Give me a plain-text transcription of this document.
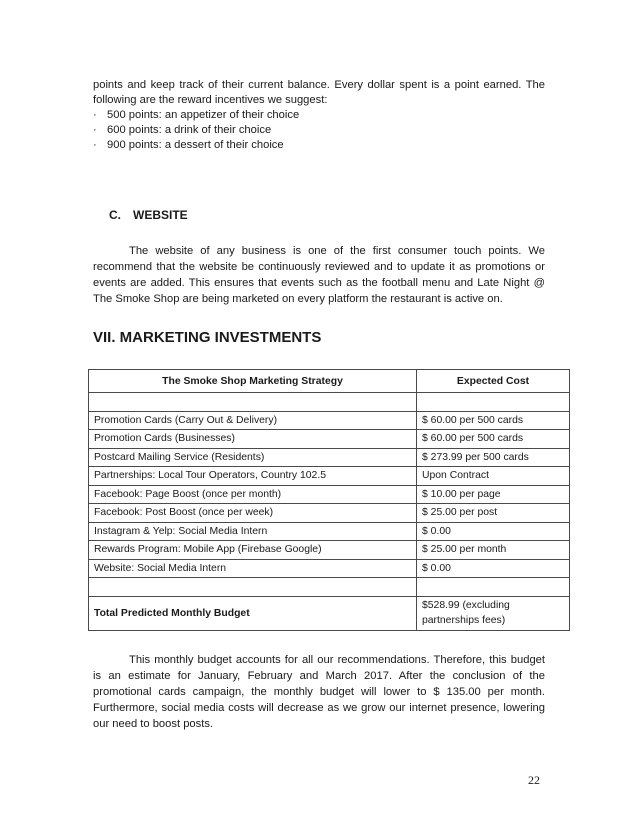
points and keep track of their current balance. Every dollar spent is a point earned. The following are the reward incentives we suggest:

· 500 points: an appetizer of their choice
· 600 points: a drink of their choice
· 900 points: a dessert of their choice
C. WEBSITE

The website of any business is one of the first consumer touch points. We recommend that the website be continuously reviewed and to update it as promotions or events are added. This ensures that events such as the football menu and Late Night @ The Smoke Shop are being marketed on every platform the restaurant is active on.

VII. MARKETING INVESTMENTS
The Smoke Shop Marketing Strategy	Expected Cost

Promotion Cards (Carry Out & Delivery)	$ 60.00 per 500 cards
Promotion Cards (Businesses)	$ 60.00 per 500 cards
Postcard Mailing Service (Residents)	$ 273.99 per 500 cards
Partnerships: Local Tour Operators, Country 102.5	Upon Contract
Facebook: Page Boost (once per month)	$ 10.00 per page
Facebook: Post Boost (once per week)	$ 25.00 per post
Instagram & Yelp: Social Media Intern	$ 0.00
Rewards Program: Mobile App (Firebase Google)	$ 25.00 per month
Website: Social Media Intern	$ 0.00

Total Predicted Monthly Budget	$528.99 (excluding partnerships fees)

This monthly budget accounts for all our recommendations. Therefore, this budget is an estimate for January, February and March 2017. After the conclusion of the promotional cards campaign, the monthly budget will lower to $ 135.00 per month. Furthermore, social media costs will decrease as we grow our internet presence, lowering our need to boost posts.

22
